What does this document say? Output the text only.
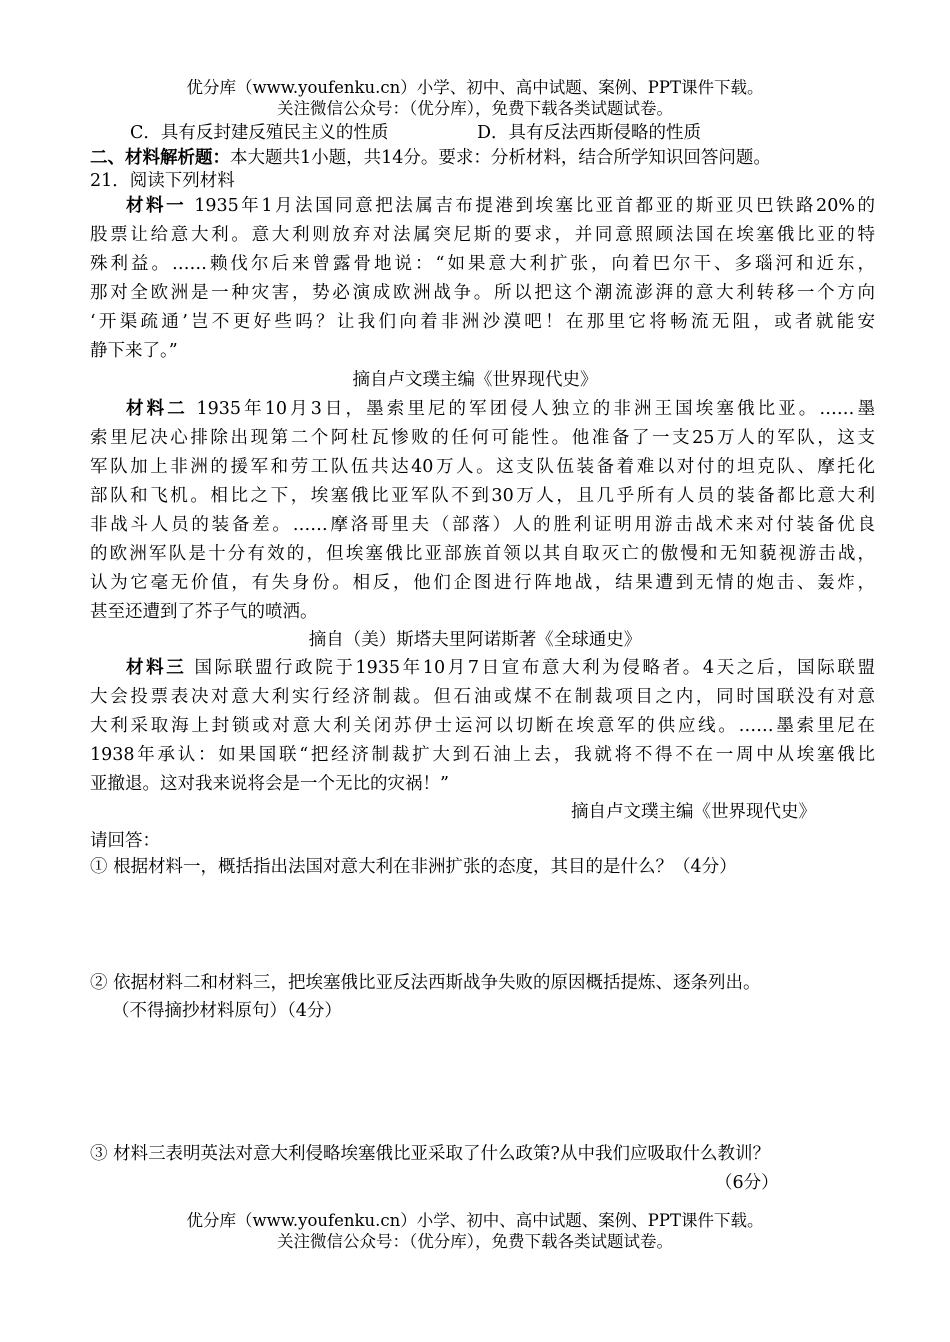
优分库（www.youfenku.cn）小学、初中、高中试题、案例、PPT课件下载。
关注微信公众号：（优分库），免费下载各类试题试卷。
C．具有反封建反殖民主义的性质	D．具有反法西斯侵略的性质
二、材料解析题：本大题共1小题，共14分。要求：分析材料，结合所学知识回答问题。
21．阅读下列材料
材料一 1935年1月法国同意把法属吉布提港到埃塞比亚首都亚的斯亚贝巴铁路20%的
股票让给意大利。意大利则放弃对法属突尼斯的要求，并同意照顾法国在埃塞俄比亚的特
殊利益。……赖伐尔后来曾露骨地说：“如果意大利扩张，向着巴尔干、多瑙河和近东，
那对全欧洲是一种灾害，势必演成欧洲战争。所以把这个潮流澎湃的意大利转移一个方向
‘开渠疏通’岂不更好些吗？让我们向着非洲沙漠吧！在那里它将畅流无阻，或者就能安
静下来了。”
摘自卢文璞主编《世界现代史》
材料二 1935年10月3日，墨索里尼的军团侵人独立的非洲王国埃塞俄比亚。……墨
索里尼决心排除出现第二个阿杜瓦惨败的任何可能性。他准备了一支25万人的军队，这支
军队加上非洲的援军和劳工队伍共达40万人。这支队伍装备着难以对付的坦克队、摩托化
部队和飞机。相比之下，埃塞俄比亚军队不到30万人，且几乎所有人员的装备都比意大利
非战斗人员的装备差。……摩洛哥里夫（部落）人的胜利证明用游击战术来对付装备优良
的欧洲军队是十分有效的，但埃塞俄比亚部族首领以其自取灭亡的傲慢和无知藐视游击战，
认为它毫无价值，有失身份。相反，他们企图进行阵地战，结果遭到无情的炮击、轰炸，
甚至还遭到了芥子气的喷洒。
摘自（美）斯塔夫里阿诺斯著《全球通史》
材料三 国际联盟行政院于1935年10月7日宣布意大利为侵略者。4天之后，国际联盟
大会投票表决对意大利实行经济制裁。但石油或煤不在制裁项目之内，同时国联没有对意
大利采取海上封锁或对意大利关闭苏伊士运河以切断在埃意军的供应线。……墨索里尼在
1938年承认：如果国联“把经济制裁扩大到石油上去，我就将不得不在一周中从埃塞俄比
亚撤退。这对我来说将会是一个无比的灾祸！”
摘自卢文璞主编《世界现代史》
请回答：
① 根据材料一，概括指出法国对意大利在非洲扩张的态度，其目的是什么？（4分）
② 依据材料二和材料三，把埃塞俄比亚反法西斯战争失败的原因概括提炼、逐条列出。
（不得摘抄材料原句）（4分）
③ 材料三表明英法对意大利侵略埃塞俄比亚采取了什么政策?从中我们应吸取什么教训？
（6分）
优分库（www.youfenku.cn）小学、初中、高中试题、案例、PPT课件下载。
关注微信公众号：（优分库），免费下载各类试题试卷。
